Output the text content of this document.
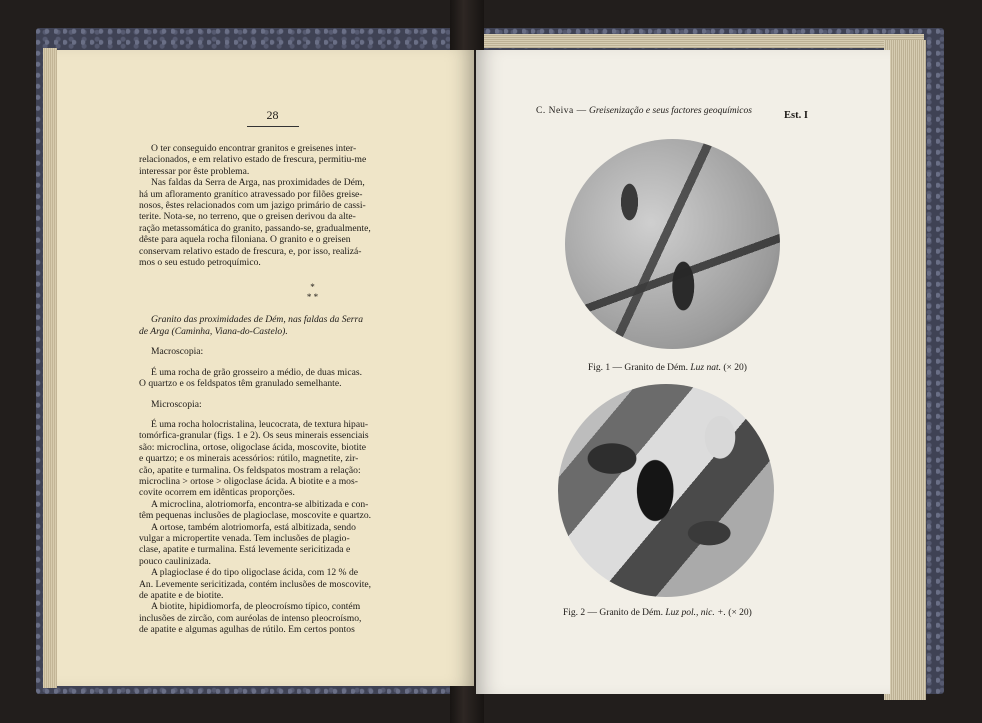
28

O ter conseguido encontrar granitos e greisenes inter-

relacionados, e em relativo estado de frescura, permitiu-me

interessar por êste problema.

Nas faldas da Serra de Arga, nas proximidades de Dém,

há um afloramento granítico atravessado por filões greise-

nosos, êstes relacionados com um jazigo primário de cassi-

terite. Nota-se, no terreno, que o greisen derivou da alte-

ração metassomática do granito, passando-se, gradualmente,

dêste para aquela rocha filoniana. O granito e o greisen

conservam relativo estado de frescura, e, por isso, realizá-

mos o seu estudo petroquímico.

*
* *

Granito das proximidades de Dém, nas faldas da Serra

de Arga (Caminha, Viana-do-Castelo).

Macroscopia:

É uma rocha de grão grosseiro a médio, de duas micas.

O quartzo e os feldspatos têm granulado semelhante.

Microscopia:

É uma rocha holocristalina, leucocrata, de textura hipau-

tomórfica-granular (figs. 1 e 2). Os seus minerais essenciais

são: microclina, ortose, oligoclase ácida, moscovite, biotite

e quartzo; e os minerais acessórios: rútilo, magnetite, zir-

cão, apatite e turmalina. Os feldspatos mostram a relação:

microclina > ortose > oligoclase ácida. A biotite e a mos-

covite ocorrem em idênticas proporções.

A microclina, alotriomorfa, encontra-se albitizada e con-

têm pequenas inclusões de plagioclase, moscovite e quartzo.

A ortose, também alotriomorfa, está albitizada, sendo

vulgar a micropertite venada. Tem inclusões de plagio-

clase, apatite e turmalina. Está levemente sericitizada e

pouco caulinizada.

A plagioclase é do tipo oligoclase ácida, com 12 % de

An. Levemente sericitizada, contém inclusões de moscovite,

de apatite e de biotite.

A biotite, hipidiomorfa, de pleocroísmo típico, contém

inclusões de zircão, com auréolas de intenso pleocroísmo,

de apatite e algumas agulhas de rútilo. Em certos pontos

C. Neiva — Greisenização e seus factores geoquímicos	Est. I
Fig. 1 — Granito de Dém. Luz nat. (× 20)
Fig. 2 — Granito de Dém. Luz pol., nic. +. (× 20)
